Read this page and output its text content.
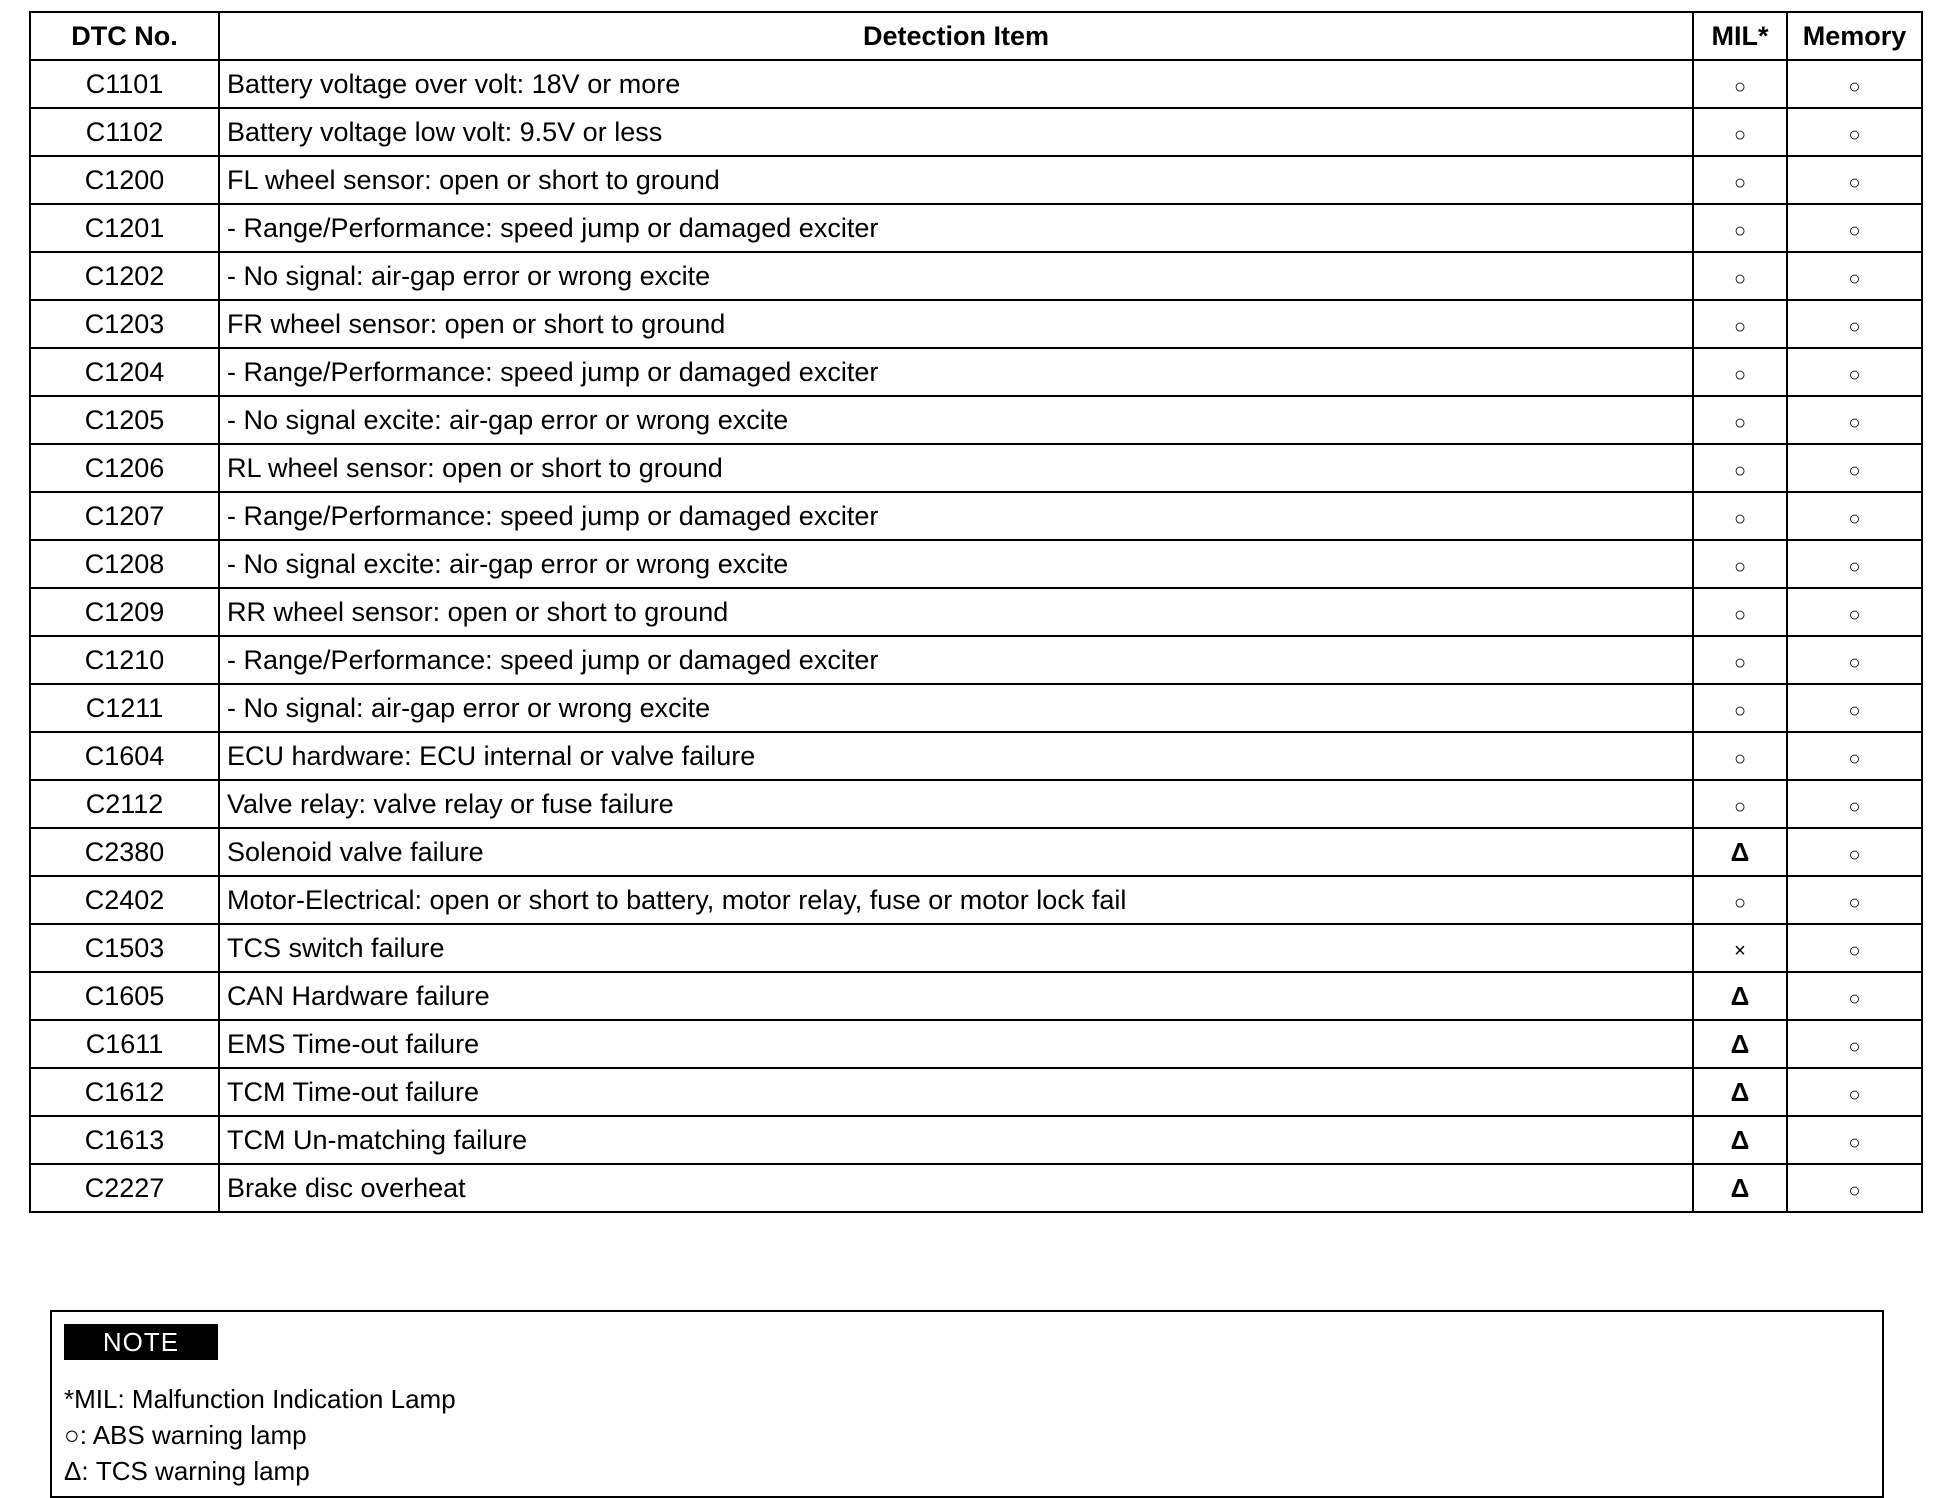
DTC No.	Detection Item	MIL*	Memory
C1101	Battery voltage over volt: 18V or more	○	○
C1102	Battery voltage low volt: 9.5V or less	○	○
C1200	FL wheel sensor: open or short to ground	○	○
C1201	- Range/Performance: speed jump or damaged exciter	○	○
C1202	- No signal: air-gap error or wrong excite	○	○
C1203	FR wheel sensor: open or short to ground	○	○
C1204	- Range/Performance: speed jump or damaged exciter	○	○
C1205	- No signal excite: air-gap error or wrong excite	○	○
C1206	RL wheel sensor: open or short to ground	○	○
C1207	- Range/Performance: speed jump or damaged exciter	○	○
C1208	- No signal excite: air-gap error or wrong excite	○	○
C1209	RR wheel sensor: open or short to ground	○	○
C1210	- Range/Performance: speed jump or damaged exciter	○	○
C1211	- No signal: air-gap error or wrong excite	○	○
C1604	ECU hardware: ECU internal or valve failure	○	○
C2112	Valve relay: valve relay or fuse failure	○	○
C2380	Solenoid valve failure	Δ	○
C2402	Motor-Electrical: open or short to battery, motor relay, fuse or motor lock fail	○	○
C1503	TCS switch failure	×	○
C1605	CAN Hardware failure	Δ	○
C1611	EMS Time-out failure	Δ	○
C1612	TCM Time-out failure	Δ	○
C1613	TCM Un-matching failure	Δ	○
C2227	Brake disc overheat	Δ	○
NOTE
*MIL: Malfunction Indication Lamp
○: ABS warning lamp
Δ: TCS warning lamp
